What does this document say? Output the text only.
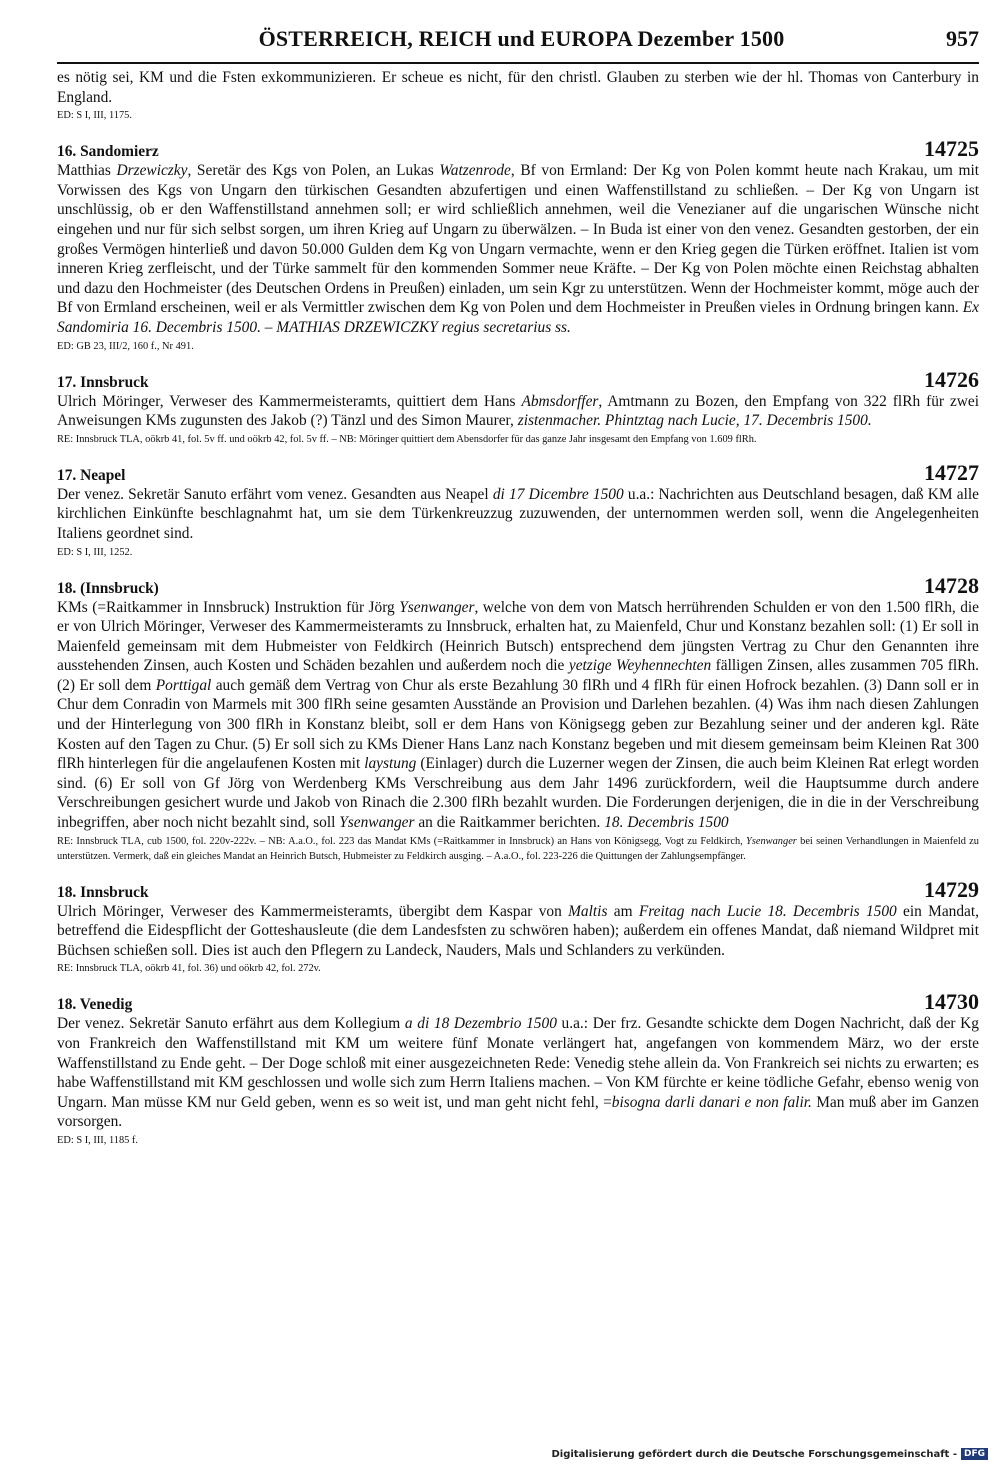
ÖSTERREICH, REICH und EUROPA Dezember 1500	957

es nötig sei, KM und die Fsten exkommunizieren. Er scheue es nicht, für den christl. Glauben zu sterben wie der hl. Thomas von Canterbury in England.

ED: S I, III, 1175.

16. Sandomierz	14725

Matthias Drzewiczky, Seretär des Kgs von Polen, an Lukas Watzenrode, Bf von Ermland: Der Kg von Polen kommt heute nach Krakau, um mit Vorwissen des Kgs von Ungarn den türkischen Gesandten abzufertigen und einen Waffenstillstand zu schließen. – Der Kg von Ungarn ist unschlüssig, ob er den Waffenstillstand annehmen soll; er wird schließlich annehmen, weil die Venezianer auf die ungarischen Wünsche nicht eingehen und nur für sich selbst sorgen, um ihren Krieg auf Ungarn zu überwälzen. – In Buda ist einer von den venez. Gesandten gestorben, der ein großes Vermögen hinterließ und davon 50.000 Gulden dem Kg von Ungarn vermachte, wenn er den Krieg gegen die Türken eröffnet. Italien ist vom inneren Krieg zerfleischt, und der Türke sammelt für den kommenden Sommer neue Kräfte. – Der Kg von Polen möchte einen Reichstag abhalten und dazu den Hochmeister (des Deutschen Ordens in Preußen) einladen, um sein Kgr zu unterstützen. Wenn der Hochmeister kommt, möge auch der Bf von Ermland erscheinen, weil er als Vermittler zwischen dem Kg von Polen und dem Hochmeister in Preußen vieles in Ordnung bringen kann. Ex Sandomiria 16. Decembris 1500. – MATHIAS DRZEWICZKY regius secretarius ss.

ED: GB 23, III/2, 160 f., Nr 491.

17. Innsbruck	14726

Ulrich Möringer, Verweser des Kammermeisteramts, quittiert dem Hans Abmsdorffer, Amtmann zu Bozen, den Empfang von 322 flRh für zwei Anweisungen KMs zugunsten des Jakob (?) Tänzl und des Simon Maurer, zistenmacher. Phintztag nach Lucie, 17. Decembris 1500.

RE: Innsbruck TLA, oökrb 41, fol. 5v ff. und oökrb 42, fol. 5v ff. – NB: Möringer quittiert dem Abensdorfer für das ganze Jahr insgesamt den Empfang von 1.609 flRh.

17. Neapel	14727

Der venez. Sekretär Sanuto erfährt vom venez. Gesandten aus Neapel di 17 Dicembre 1500 u.a.: Nachrichten aus Deutschland besagen, daß KM alle kirchlichen Einkünfte beschlagnahmt hat, um sie dem Türkenkreuzzug zuzuwenden, der unternommen werden soll, wenn die Angelegenheiten Italiens geordnet sind.

ED: S I, III, 1252.

18. (Innsbruck)	14728

KMs (=Raitkammer in Innsbruck) Instruktion für Jörg Ysenwanger, welche von dem von Matsch herrührenden Schulden er von den 1.500 flRh, die er von Ulrich Möringer, Verweser des Kammermeisteramts zu Innsbruck, erhalten hat, zu Maienfeld, Chur und Konstanz bezahlen soll: (1) Er soll in Maienfeld gemeinsam mit dem Hubmeister von Feldkirch (Heinrich Butsch) entsprechend dem jüngsten Vertrag zu Chur den Genannten ihre ausstehenden Zinsen, auch Kosten und Schäden bezahlen und außerdem noch die yetzige Weyhennechten fälligen Zinsen, alles zusammen 705 flRh. (2) Er soll dem Porttigal auch gemäß dem Vertrag von Chur als erste Bezahlung 30 flRh und 4 flRh für einen Hofrock bezahlen. (3) Dann soll er in Chur dem Conradin von Marmels mit 300 flRh seine gesamten Ausstände an Provision und Darlehen bezahlen. (4) Was ihm nach diesen Zahlungen und der Hinterlegung von 300 flRh in Konstanz bleibt, soll er dem Hans von Königsegg geben zur Bezahlung seiner und der anderen kgl. Räte Kosten auf den Tagen zu Chur. (5) Er soll sich zu KMs Diener Hans Lanz nach Konstanz begeben und mit diesem gemeinsam beim Kleinen Rat 300 flRh hinterlegen für die angelaufenen Kosten mit laystung (Einlager) durch die Luzerner wegen der Zinsen, die auch beim Kleinen Rat erlegt worden sind. (6) Er soll von Gf Jörg von Werdenberg KMs Verschreibung aus dem Jahr 1496 zurückfordern, weil die Hauptsumme durch andere Verschreibungen gesichert wurde und Jakob von Rinach die 2.300 flRh bezahlt wurden. Die Forderungen derjenigen, die in die in der Verschreibung inbegriffen, aber noch nicht bezahlt sind, soll Ysenwanger an die Raitkammer berichten. 18. Decembris 1500

RE: Innsbruck TLA, cub 1500, fol. 220v-222v. – NB: A.a.O., fol. 223 das Mandat KMs (=Raitkammer in Innsbruck) an Hans von Königsegg, Vogt zu Feldkirch, Ysenwanger bei seinen Verhandlungen in Maienfeld zu unterstützen. Vermerk, daß ein gleiches Mandat an Heinrich Butsch, Hubmeister zu Feldkirch ausging. – A.a.O., fol. 223-226 die Quittungen der Zahlungsempfänger.

18. Innsbruck	14729

Ulrich Möringer, Verweser des Kammermeisteramts, übergibt dem Kaspar von Maltis am Freitag nach Lucie 18. Decembris 1500 ein Mandat, betreffend die Eidespflicht der Gotteshausleute (die dem Landesfsten zu schwören haben); außerdem ein offenes Mandat, daß niemand Wildpret mit Büchsen schießen soll. Dies ist auch den Pflegern zu Landeck, Nauders, Mals und Schlanders zu verkünden.

RE: Innsbruck TLA, oökrb 41, fol. 36) und oökrb 42, fol. 272v.

18. Venedig	14730

Der venez. Sekretär Sanuto erfährt aus dem Kollegium a di 18 Dezembrio 1500 u.a.: Der frz. Gesandte schickte dem Dogen Nachricht, daß der Kg von Frankreich den Waffenstillstand mit KM um weitere fünf Monate verlängert hat, angefangen von kommendem März, wo der erste Waffenstillstand zu Ende geht. – Der Doge schloß mit einer ausgezeichneten Rede: Venedig stehe allein da. Von Frankreich sei nichts zu erwarten; es habe Waffenstillstand mit KM geschlossen und wolle sich zum Herrn Italiens machen. – Von KM fürchte er keine tödliche Gefahr, ebenso wenig von Ungarn. Man müsse KM nur Geld geben, wenn es so weit ist, und man geht nicht fehl, =bisogna darli danari e non falir. Man muß aber im Ganzen vorsorgen.

ED: S I, III, 1185 f.

Digitalisierung gefördert durch die Deutsche Forschungsgemeinschaft - DFG
